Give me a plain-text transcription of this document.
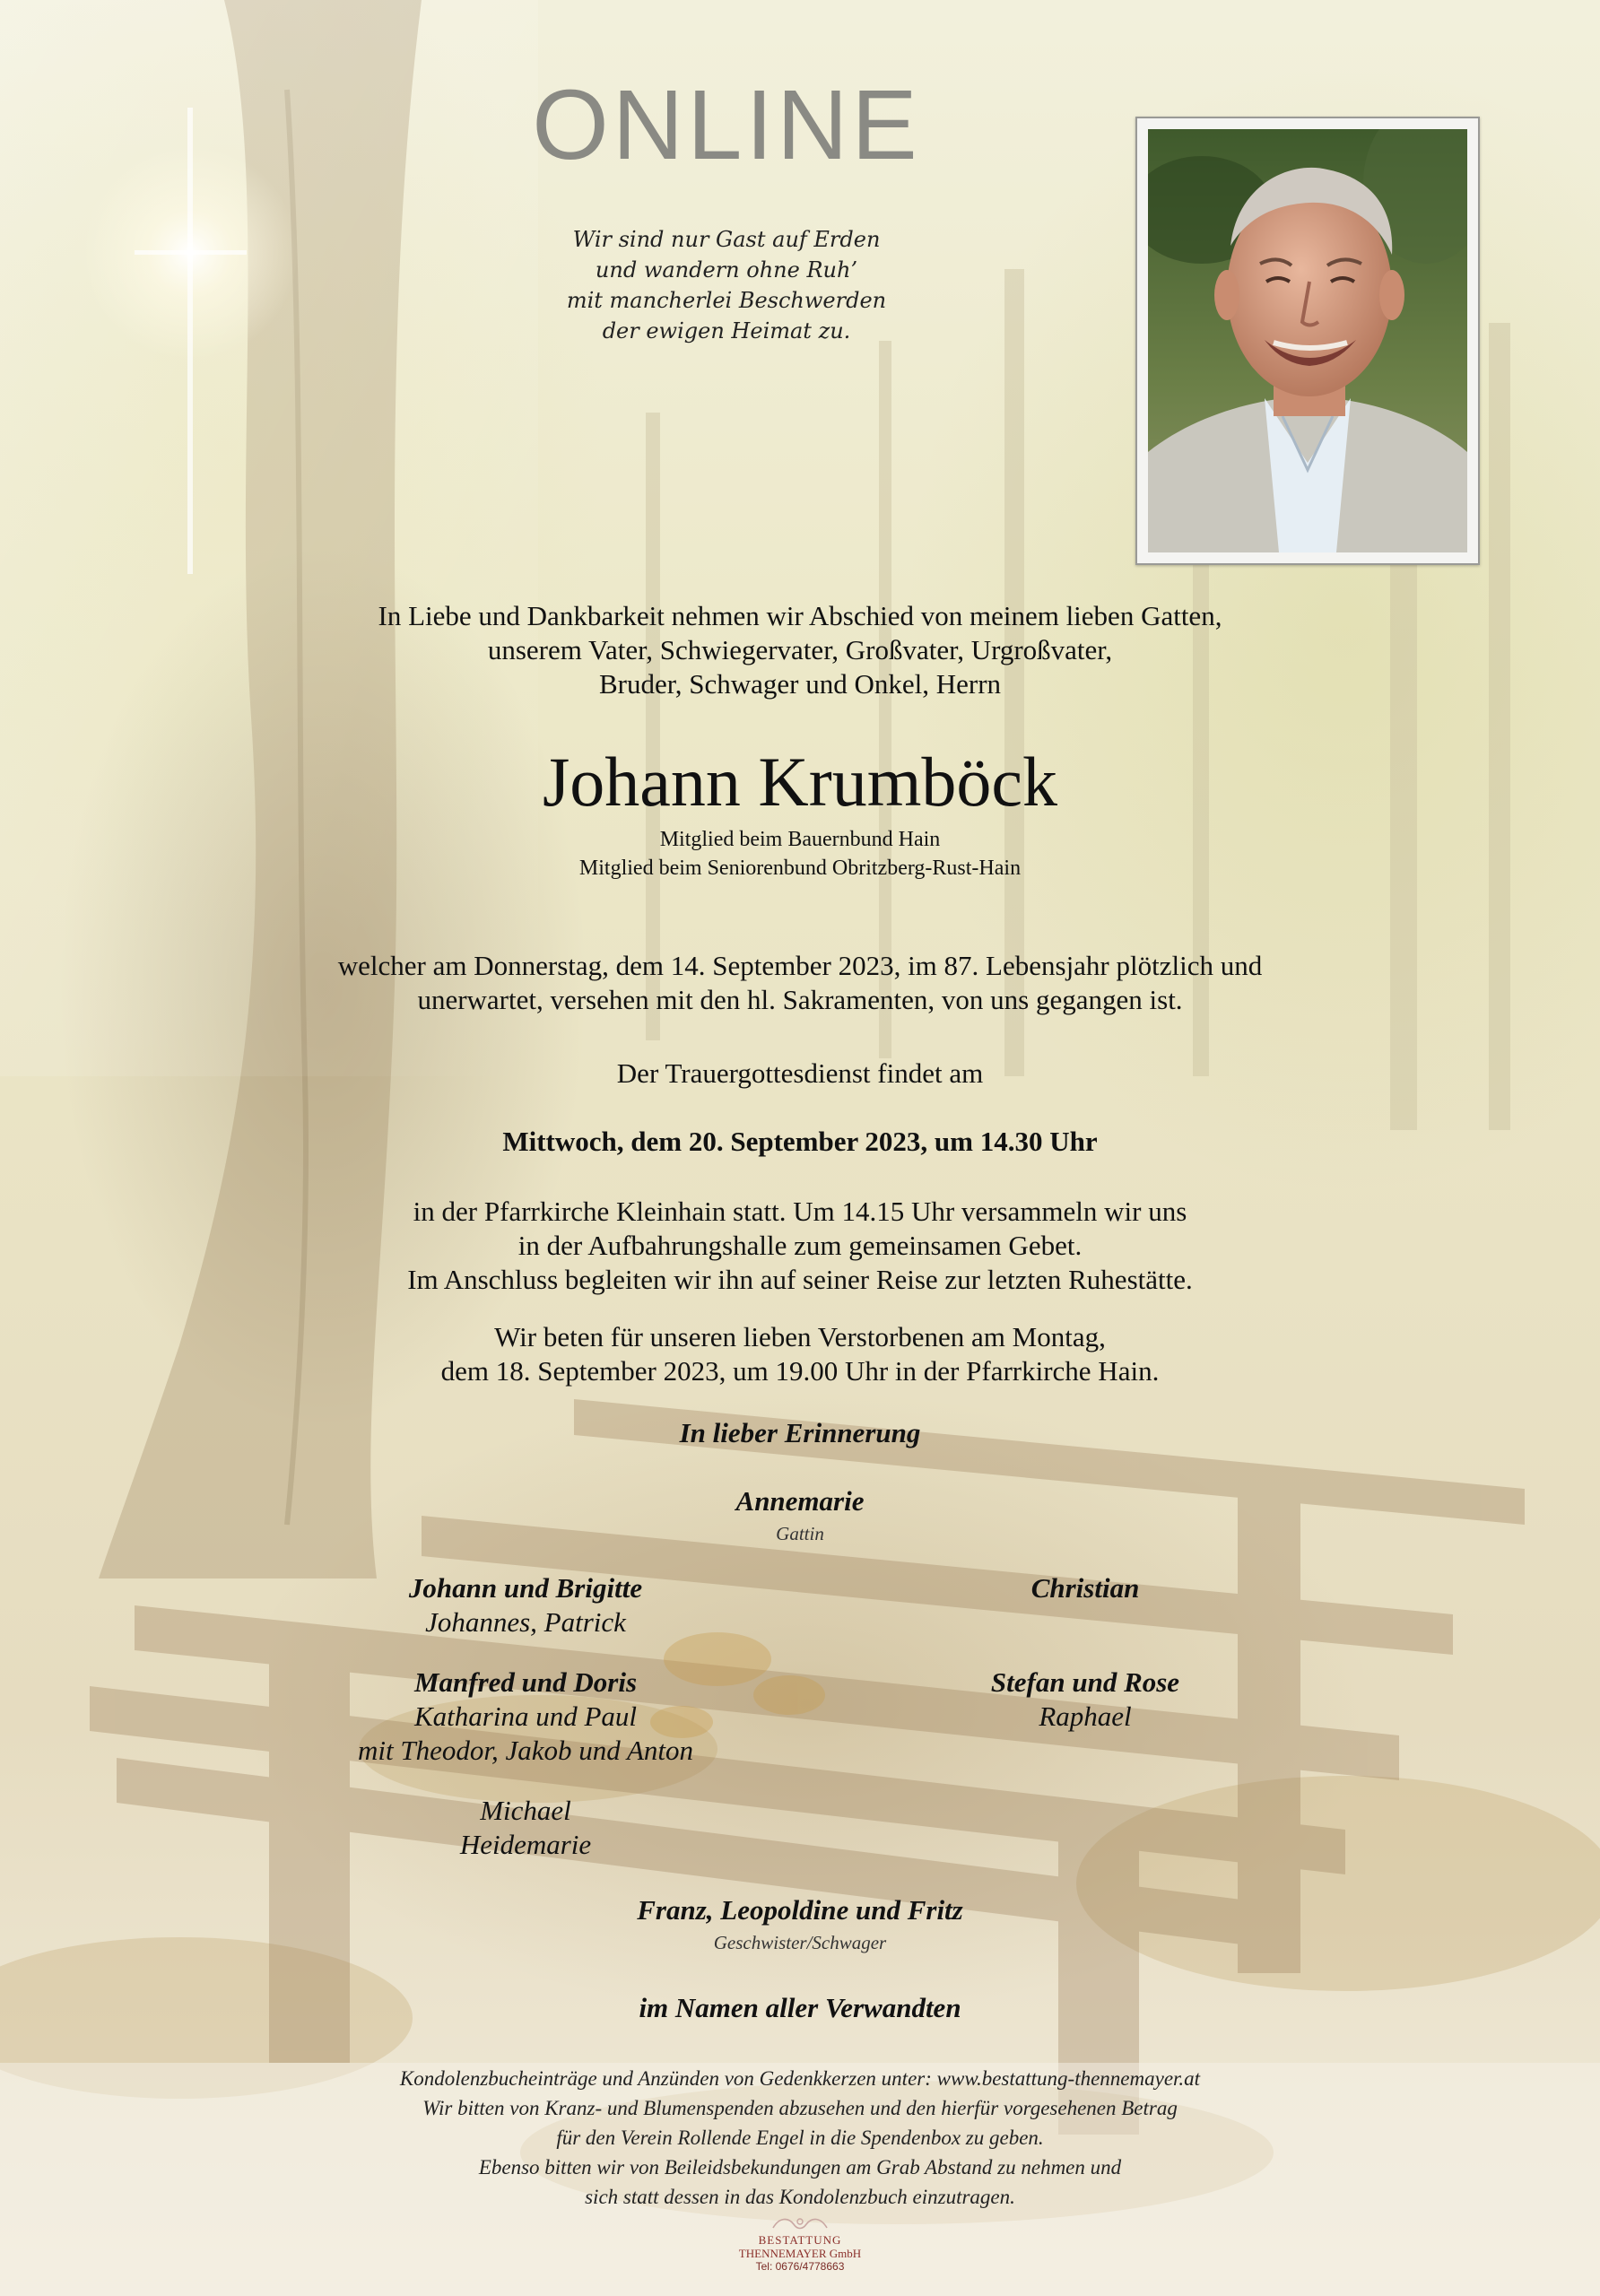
ONLINE
Wir sind nur Gast auf Erden
und wandern ohne Ruh’
mit mancherlei Beschwerden
der ewigen Heimat zu.
In Liebe und Dankbarkeit nehmen wir Abschied von meinem lieben Gatten,
unserem Vater, Schwiegervater, Großvater, Urgroßvater,
Bruder, Schwager und Onkel, Herrn
Johann Krumböck
Mitglied beim Bauernbund Hain
Mitglied beim Seniorenbund Obritzberg-Rust-Hain
welcher am Donnerstag, dem 14. September 2023, im 87. Lebensjahr plötzlich und
unerwartet, versehen mit den hl. Sakramenten, von uns gegangen ist.
Der Trauergottesdienst findet am
Mittwoch, dem 20. September 2023, um 14.30 Uhr
in der Pfarrkirche Kleinhain statt. Um 14.15 Uhr versammeln wir uns
in der Aufbahrungshalle zum gemeinsamen Gebet.
Im Anschluss begleiten wir ihn auf seiner Reise zur letzten Ruhestätte.
Wir beten für unseren lieben Verstorbenen am Montag,
dem 18. September 2023, um 19.00 Uhr in der Pfarrkirche Hain.
In lieber Erinnerung
Annemarie
Gattin
Johann und Brigitte
Johannes, Patrick
Christian
Manfred und Doris
Katharina und Paul
mit Theodor, Jakob und Anton
Stefan und Rose
Raphael
Michael
Heidemarie
Franz, Leopoldine und Fritz
Geschwister/Schwager
im Namen aller Verwandten
Kondolenzbucheinträge und Anzünden von Gedenkkerzen unter: www.bestattung-thennemayer.at
Wir bitten von Kranz- und Blumenspenden abzusehen und den hierfür vorgesehenen Betrag
für den Verein Rollende Engel in die Spendenbox zu geben.
Ebenso bitten wir von Beileidsbekundungen am Grab Abstand zu nehmen und
sich statt dessen in das Kondolenzbuch einzutragen.
BESTATTUNG
THENNEMAYER GmbH
Tel: 0676/4778663
